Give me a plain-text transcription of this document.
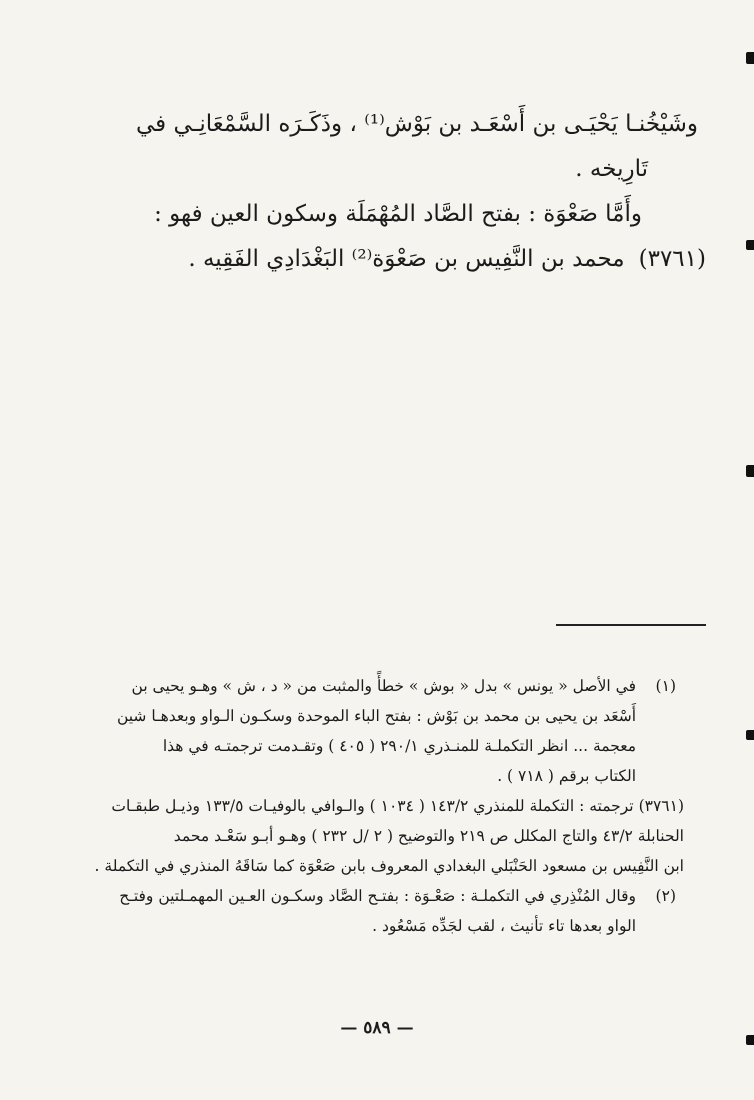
وشَيْخُنـا يَحْيَـى بن أَسْعَـد بن بَوْش⁽¹⁾ ، وذَكَـرَه السَّمْعَانِـي في
تَارِيخه .
وأَمَّا صَعْوَة : بفتح الصَّاد المُهْمَلَة وسكون العين فهو :
(٣٧٦١)محمد بن النَّفِيس بن صَعْوَة⁽²⁾ البَغْدَادِي الفَقِيه .
(١)في الأصل « يونس » بدل « بوش » خطأً والمثبت من « د ، ش » وهـو يحيى بن
أَسْعَد بن يحيى بن محمد بن بَوْش : بفتح الباء الموحدة وسكـون الـواو وبعدهـا شين
معجمة ... انظر التكملـة للمنـذري ٢٩٠/١ ( ٤٠٥ ) وتقـدمت ترجمتـه في هذا
الكتاب برقم ( ٧١٨ ) .
(٣٧٦١) ترجمته : التكملة للمنذري ١٤٣/٢ ( ١٠٣٤ ) والـوافي بالوفيـات ١٣٣/٥ وذيـل طبقـات
الحنابلة ٤٣/٢ والتاج المكلل ص ٢١٩ والتوضيح ( ٢ /ل ٢٣٢ ) وهـو أبـو سَعْـد محمد
ابن النَّفِيس بن مسعود الحَنْبَلي البغدادي المعروف بابن صَعْوَة كما سَاقَهُ المنذري في التكملة .
(٢)وقال المُنْذِري في التكملـة : صَعْـوَة : بفتـح الصَّاد وسكـون العـين المهمـلتين وفتـح
الواو بعدها تاء تأنيث ، لقب لجَدِّه مَسْعُود .
— ٥٨٩ —
